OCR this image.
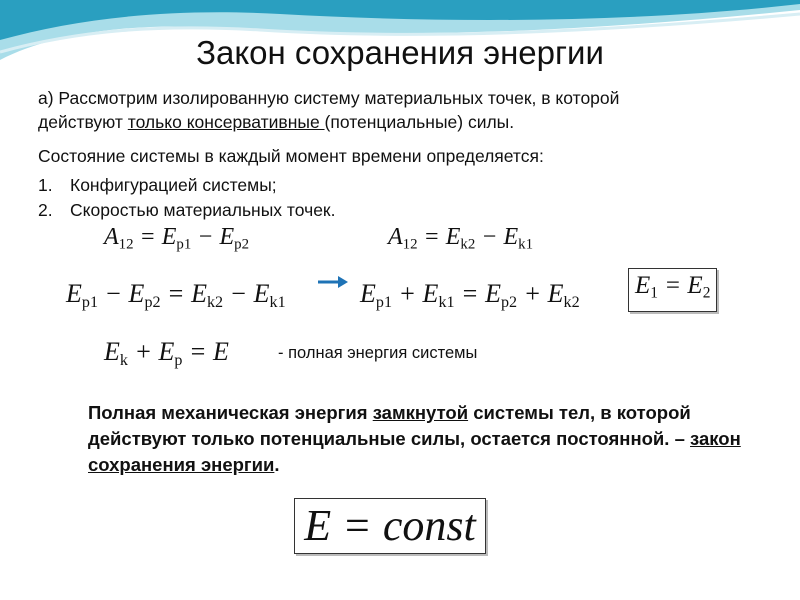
Закон сохранения энергии
а) Рассмотрим изолированную систему материальных точек, в которой
действуют только консервативные (потенциальные) силы.
Состояние системы в каждый момент времени определяется:
1. Конфигурацией системы;
2. Скоростью материальных точек.
$A_{12} = E_{p1} - E_{p2}$	$A_{12} = E_{k2} - E_{k1}$
$E_{p1} - E_{p2} = E_{k2} - E_{k1}$	$E_{p1} + E_{k1} = E_{p2} + E_{k2}$
$E_1 = E_2$
$E_k + E_p = E$	- полная энергия системы
Полная механическая энергия замкнутой системы тел, в которой действуют только потенциальные силы, остается постоянной. – закон сохранения энергии.
E = const
